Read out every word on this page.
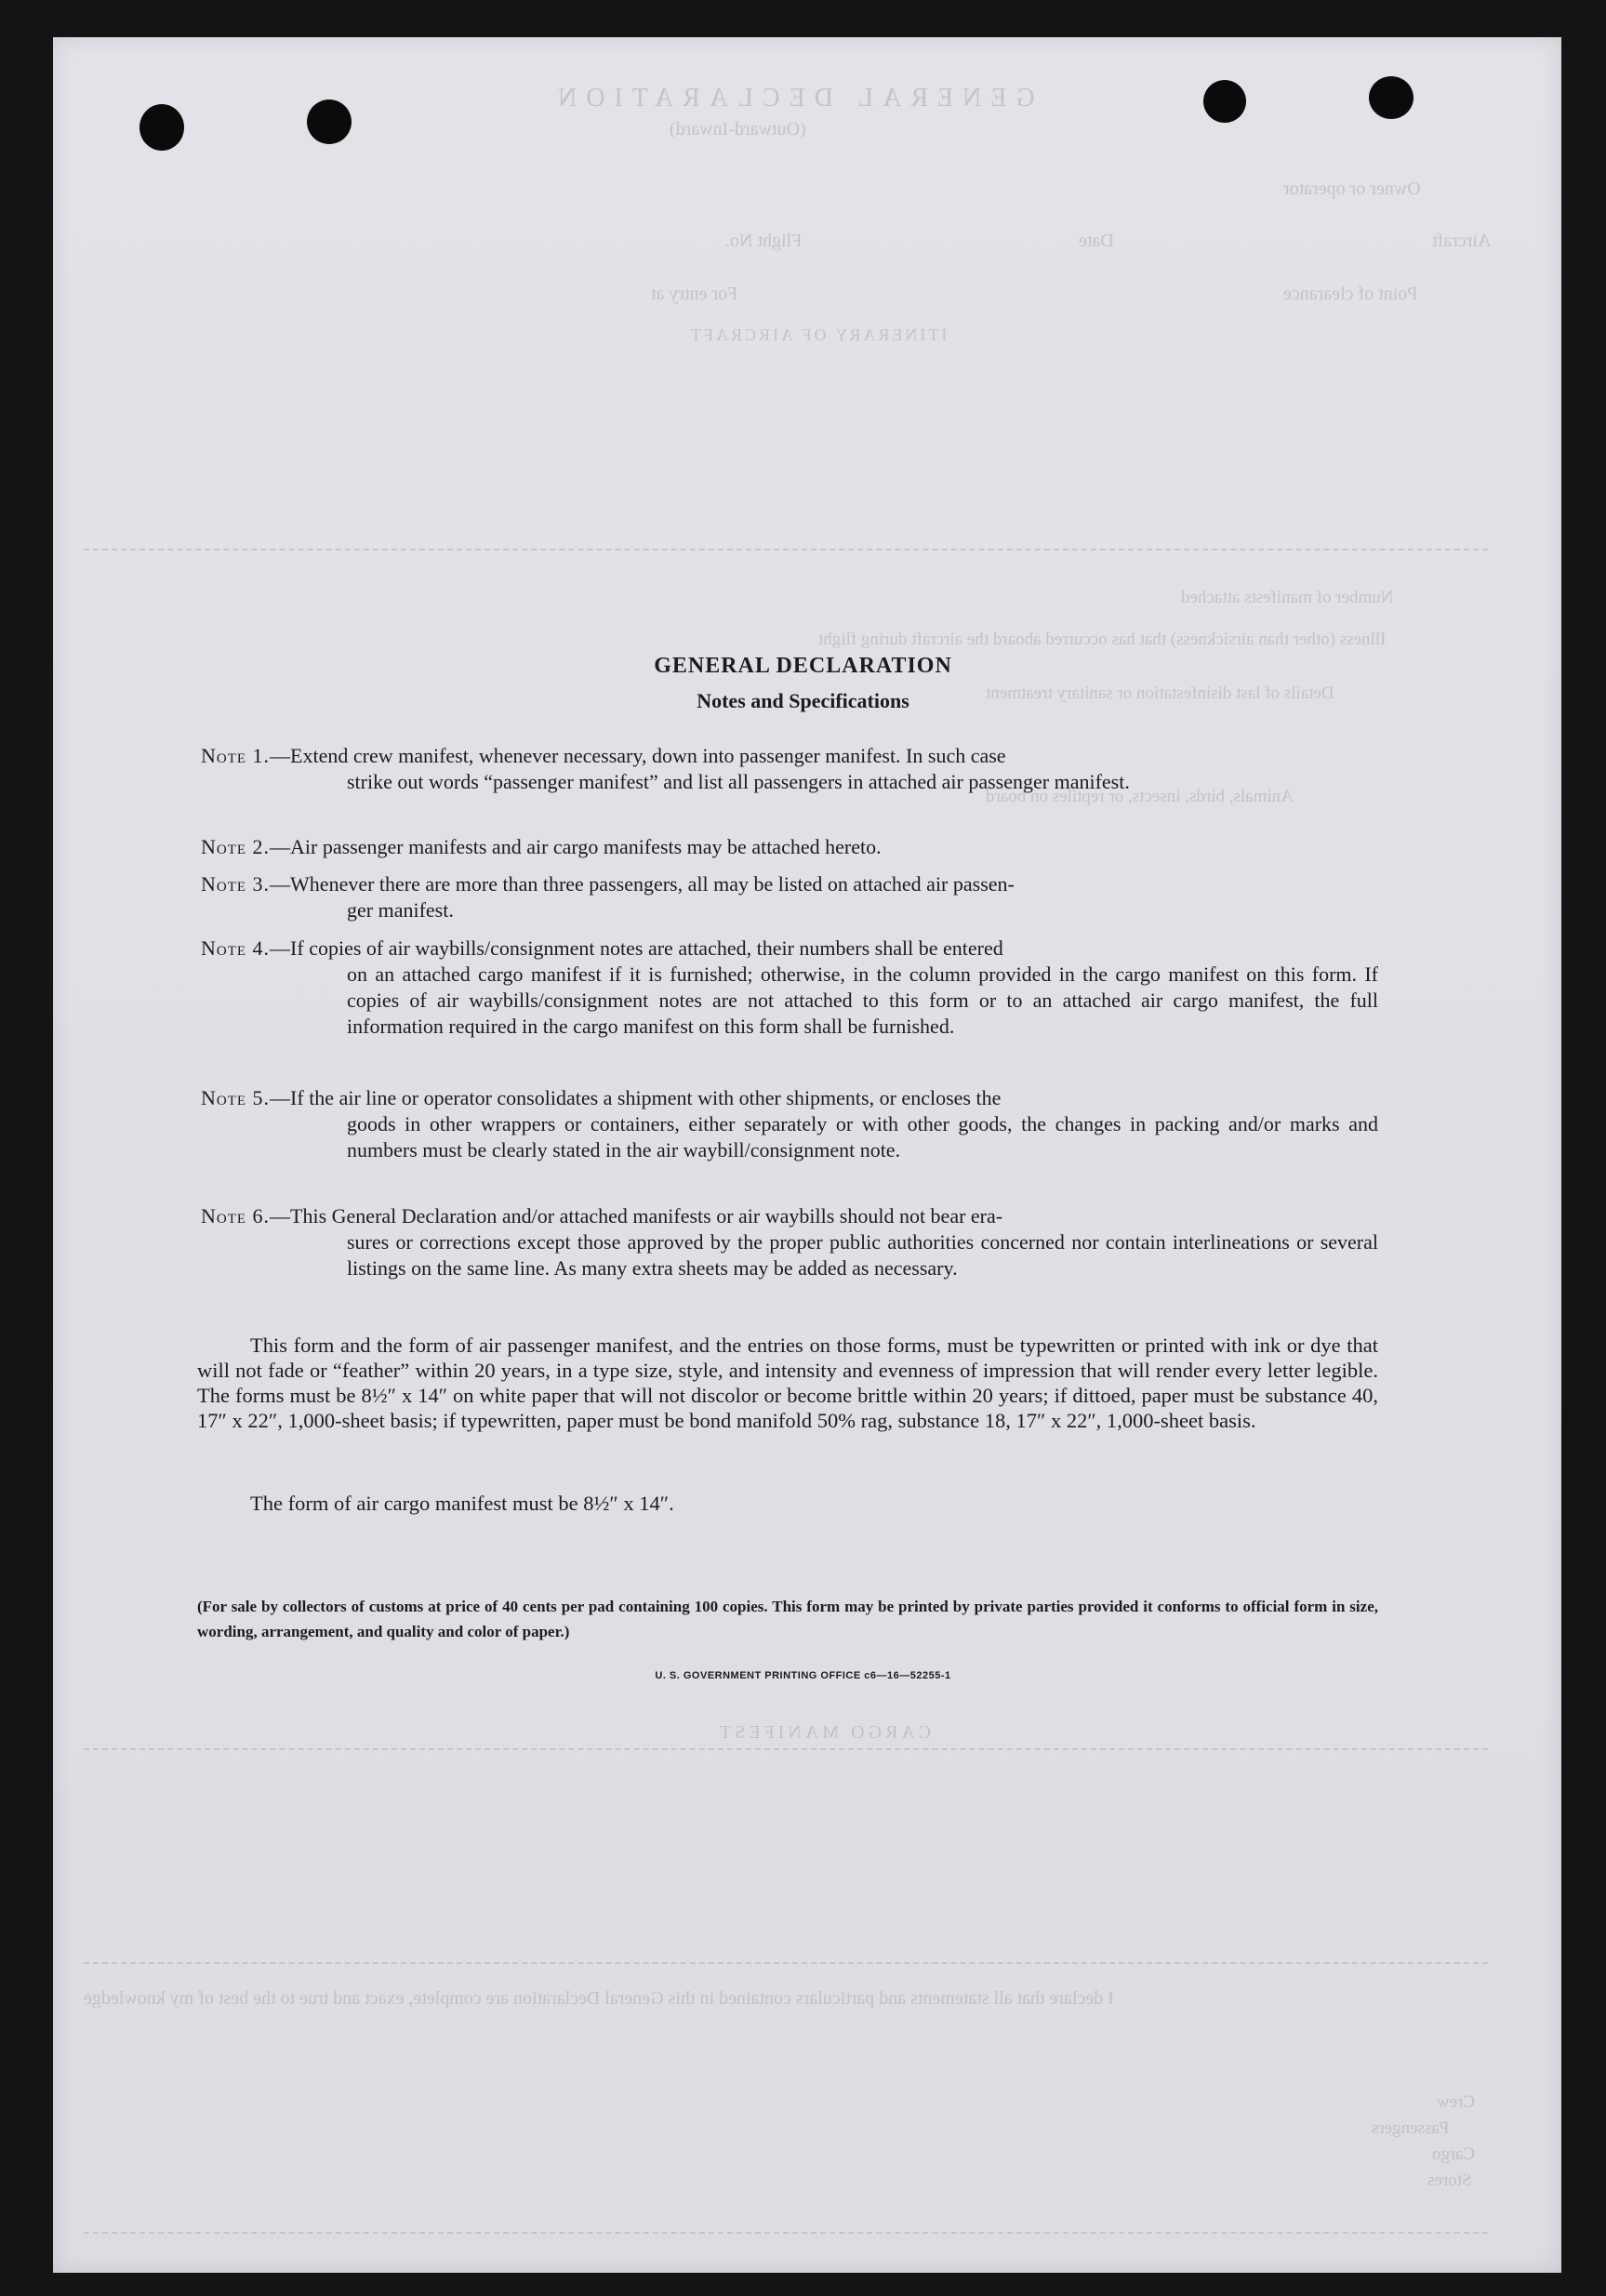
GENERAL DECLARATION
(Outward-Inward)
Owner or operator
Aircraft
Flight No.	Date
Point of clearance
For entry at
ITINERARY OF AIRCRAFT
Number of manifests attached
Illness (other than airsickness) that has occurred aboard the aircraft during flight
Details of last disinfestation or sanitary treatment
Animals, birds, insects, or reptiles on board
CARGO MANIFEST
I declare that all statements and particulars contained in this General Declaration are complete, exact and true to the best of my knowledge
Crew
Passengers
Cargo
Stores
GENERAL DECLARATION
Notes and Specifications
Note 1.—Extend crew manifest, whenever necessary, down into passenger manifest. In such case
strike out words “passenger manifest” and list all passengers in attached air passenger manifest.
Note 2.—Air passenger manifests and air cargo manifests may be attached hereto.
Note 3.—Whenever there are more than three passengers, all may be listed on attached air passen-
ger manifest.
Note 4.—If copies of air waybills/consignment notes are attached, their numbers shall be entered
on an attached cargo manifest if it is furnished; otherwise, in the column provided in the cargo manifest on this form. If copies of air waybills/consignment notes are not attached to this form or to an attached air cargo manifest, the full information required in the cargo manifest on this form shall be furnished.
Note 5.—If the air line or operator consolidates a shipment with other shipments, or encloses the
goods in other wrappers or containers, either separately or with other goods, the changes in packing and/or marks and numbers must be clearly stated in the air waybill/consignment note.
Note 6.—This General Declaration and/or attached manifests or air waybills should not bear era-
sures or corrections except those approved by the proper public authorities concerned nor contain interlineations or several listings on the same line. As many extra sheets may be added as necessary.
This form and the form of air passenger manifest, and the entries on those forms, must be typewritten or printed with ink or dye that will not fade or “feather” within 20 years, in a type size, style, and intensity and evenness of impression that will render every letter legible. The forms must be 8½″ x 14″ on white paper that will not discolor or become brittle within 20 years; if dittoed, paper must be substance 40, 17″ x 22″, 1,000-sheet basis; if typewritten, paper must be bond manifold 50% rag, substance 18, 17″ x 22″, 1,000-sheet basis.
The form of air cargo manifest must be 8½″ x 14″.
(For sale by collectors of customs at price of 40 cents per pad containing 100 copies. This form may be printed by private parties provided it conforms to official form in size, wording, arrangement, and quality and color of paper.)
U. S. GOVERNMENT PRINTING OFFICE c6—16—52255-1
